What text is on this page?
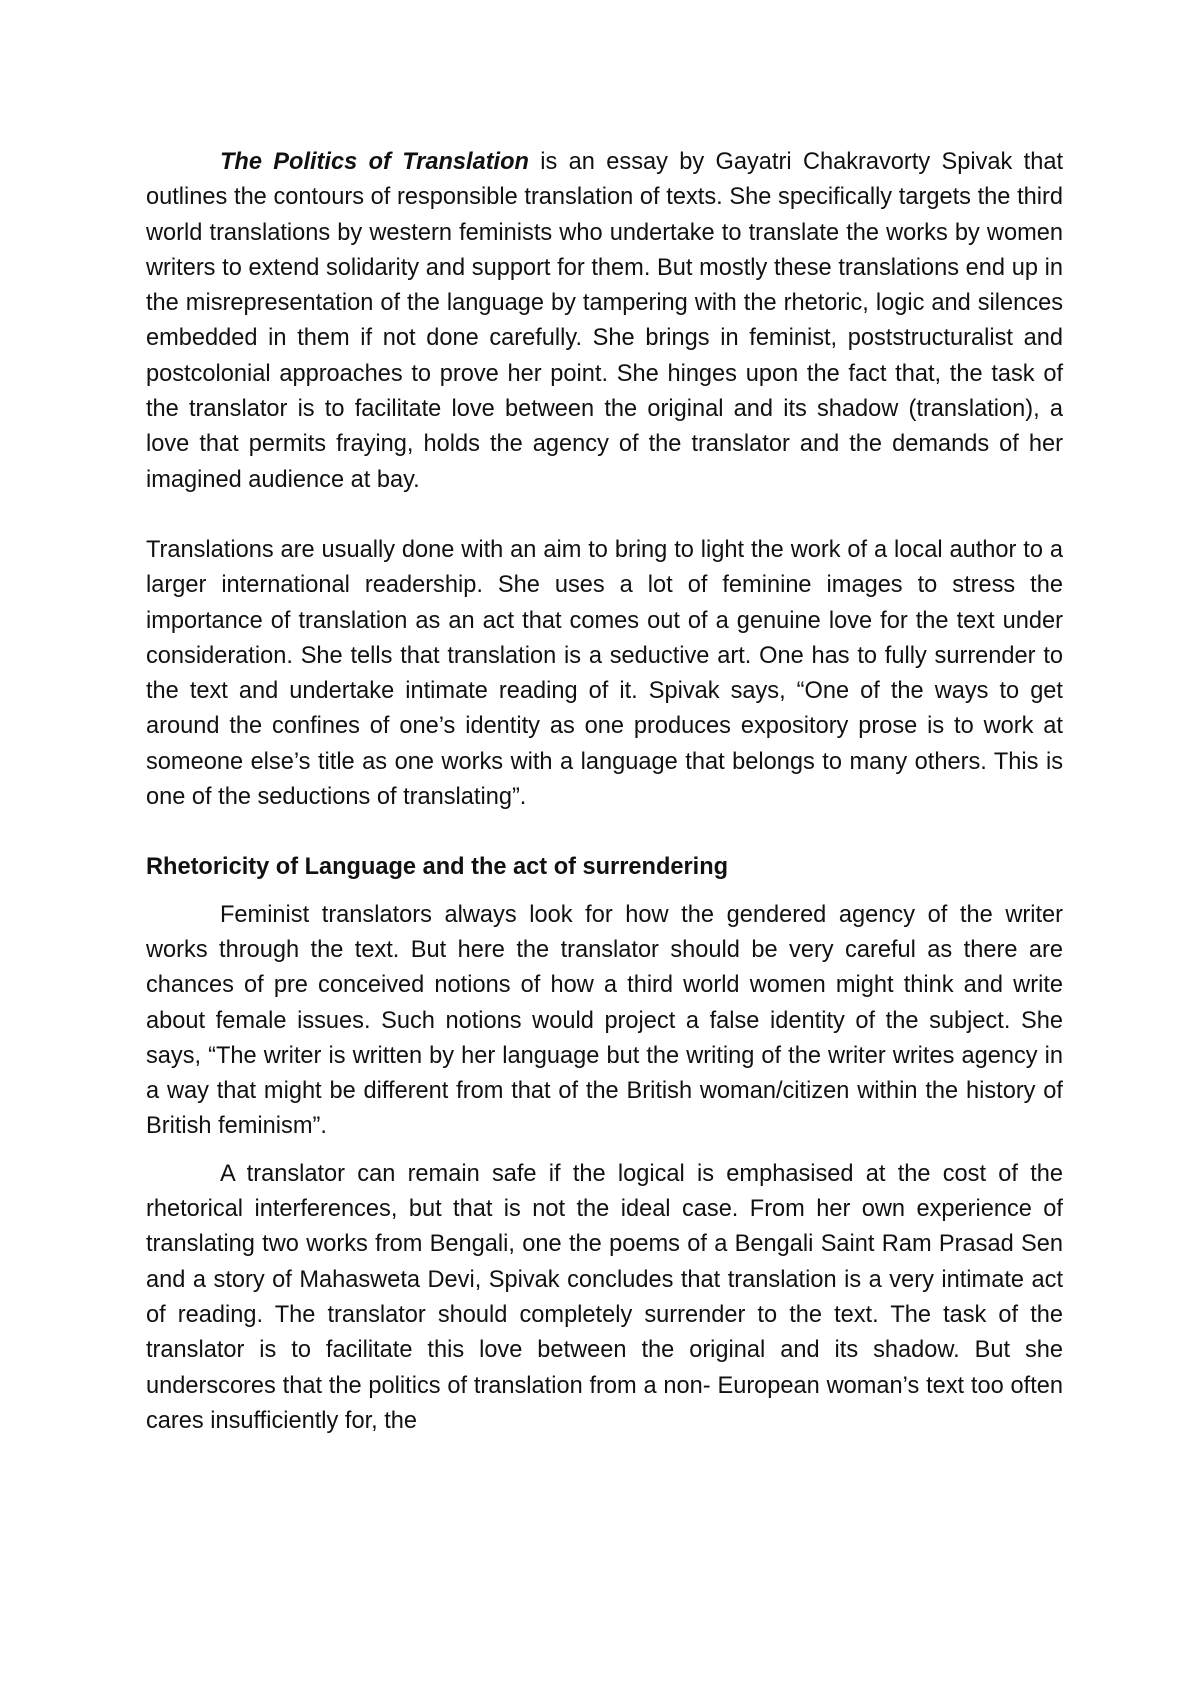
The Politics of Translation is an essay by Gayatri Chakravorty Spivak that outlines the contours of responsible translation of texts. She specifically targets the third world translations by western feminists who undertake to translate the works by women writers to extend solidarity and support for them. But mostly these translations end up in the misrepresentation of the language by tampering with the rhetoric, logic and silences embedded in them if not done carefully. She brings in feminist, poststructuralist and postcolonial approaches to prove her point. She hinges upon the fact that, the task of the translator is to facilitate love between the original and its shadow (translation), a love that permits fraying, holds the agency of the translator and the demands of her imagined audience at bay.

Translations are usually done with an aim to bring to light the work of a local author to a larger international readership. She uses a lot of feminine images to stress the importance of translation as an act that comes out of a genuine love for the text under consideration. She tells that translation is a seductive art. One has to fully surrender to the text and undertake intimate reading of it. Spivak says, “One of the ways to get around the confines of one’s identity as one produces expository prose is to work at someone else’s title as one works with a language that belongs to many others. This is one of the seductions of translating”.

Rhetoricity of Language and the act of surrendering

Feminist translators always look for how the gendered agency of the writer works through the text. But here the translator should be very careful as there are chances of pre conceived notions of how a third world women might think and write about female issues. Such notions would project a false identity of the subject. She says, “The writer is written by her language but the writing of the writer writes agency in a way that might be different from that of the British woman/citizen within the history of British feminism”.

A translator can remain safe if the logical is emphasised at the cost of the rhetorical interferences, but that is not the ideal case. From her own experience of translating two works from Bengali, one the poems of a Bengali Saint Ram Prasad Sen and a story of Mahasweta Devi, Spivak concludes that translation is a very intimate act of reading. The translator should completely surrender to the text. The task of the translator is to facilitate this love between the original and its shadow. But she underscores that the politics of translation from a non- European woman’s text too often cares insufficiently for, the
